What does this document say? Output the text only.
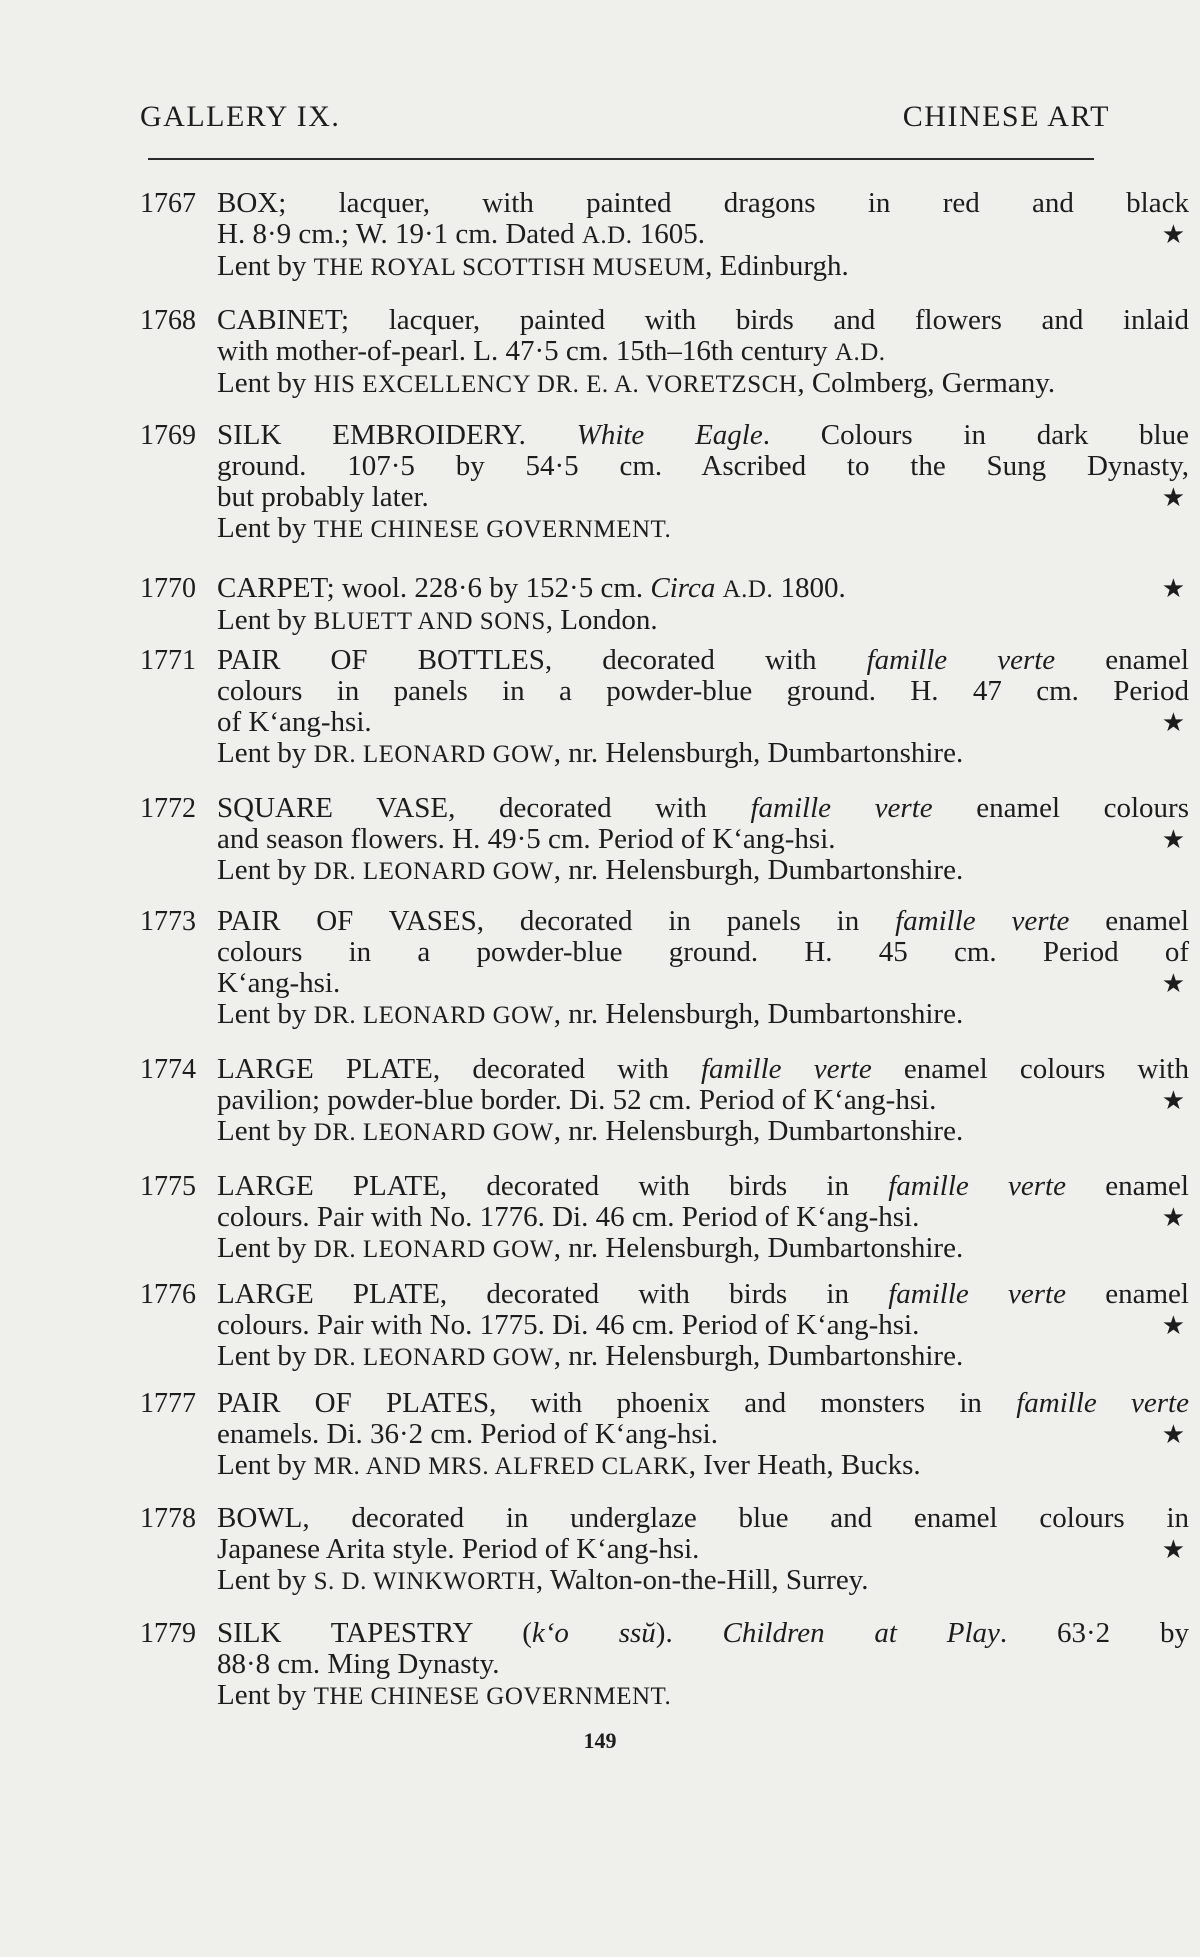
GALLERY IX.	CHINESE ART
1767 BOX; lacquer, with painted dragons in red and black
H. 8·9 cm.; W. 19·1 cm. Dated A.D. 1605.	★
Lent by THE ROYAL SCOTTISH MUSEUM, Edinburgh.
1768 CABINET; lacquer, painted with birds and flowers and inlaid
with mother-of-pearl. L. 47·5 cm. 15th–16th century A.D.
Lent by HIS EXCELLENCY DR. E. A. VORETZSCH, Colmberg, Germany.
1769 SILK EMBROIDERY. White Eagle. Colours in dark blue
ground. 107·5 by 54·5 cm. Ascribed to the Sung Dynasty,
but probably later.	★
Lent by THE CHINESE GOVERNMENT.
1770 CARPET; wool. 228·6 by 152·5 cm. Circa A.D. 1800.	★
Lent by BLUETT AND SONS, London.
1771 PAIR OF BOTTLES, decorated with famille verte enamel
colours in panels in a powder-blue ground. H. 47 cm. Period
of K‘ang-hsi.	★
Lent by DR. LEONARD GOW, nr. Helensburgh, Dumbartonshire.
1772 SQUARE VASE, decorated with famille verte enamel colours
and season flowers. H. 49·5 cm. Period of K‘ang-hsi.	★
Lent by DR. LEONARD GOW, nr. Helensburgh, Dumbartonshire.
1773 PAIR OF VASES, decorated in panels in famille verte enamel
colours in a powder-blue ground. H. 45 cm. Period of
K‘ang-hsi.	★
Lent by DR. LEONARD GOW, nr. Helensburgh, Dumbartonshire.
1774 LARGE PLATE, decorated with famille verte enamel colours with
pavilion; powder-blue border. Di. 52 cm. Period of K‘ang-hsi.	★
Lent by DR. LEONARD GOW, nr. Helensburgh, Dumbartonshire.
1775 LARGE PLATE, decorated with birds in famille verte enamel
colours. Pair with No. 1776. Di. 46 cm. Period of K‘ang-hsi.	★
Lent by DR. LEONARD GOW, nr. Helensburgh, Dumbartonshire.
1776 LARGE PLATE, decorated with birds in famille verte enamel
colours. Pair with No. 1775. Di. 46 cm. Period of K‘ang-hsi.	★
Lent by DR. LEONARD GOW, nr. Helensburgh, Dumbartonshire.
1777 PAIR OF PLATES, with phoenix and monsters in famille verte
enamels. Di. 36·2 cm. Period of K‘ang-hsi.	★
Lent by MR. AND MRS. ALFRED CLARK, Iver Heath, Bucks.
1778 BOWL, decorated in underglaze blue and enamel colours in
Japanese Arita style. Period of K‘ang-hsi.	★
Lent by S. D. WINKWORTH, Walton-on-the-Hill, Surrey.
1779 SILK TAPESTRY (k‘o ssŭ). Children at Play. 63·2 by
88·8 cm. Ming Dynasty.
Lent by THE CHINESE GOVERNMENT.
149
